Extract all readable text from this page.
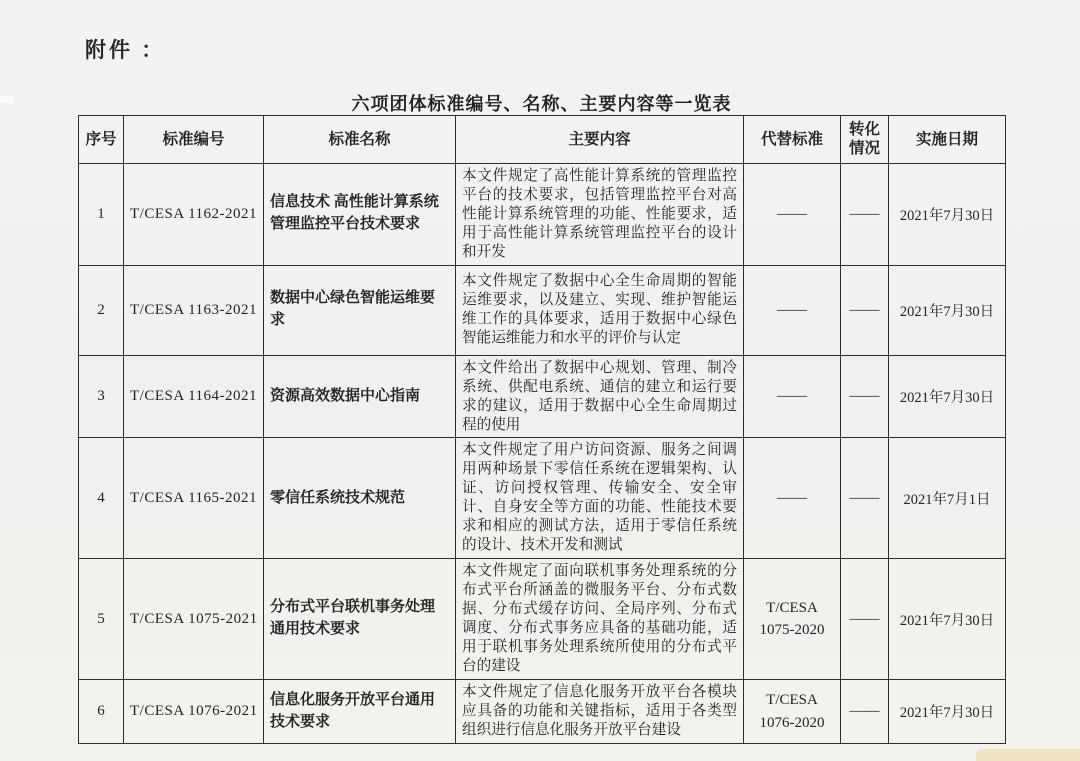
附件 ：
六项团体标准编号、名称、主要内容等一览表
序号	标准编号	标准名称	主要内容	代替标准	转化情况	实施日期
1	T/CESA 1162-2021	信息技术 高性能计算系统管理监控平台技术要求	本文件规定了高性能计算系统的管理监控平台的技术要求，包括管理监控平台对高性能计算系统管理的功能、性能要求，适用于高性能计算系统管理监控平台的设计和开发	——	——	2021年7月30日
2	T/CESA 1163-2021	数据中心绿色智能运维要求	本文件规定了数据中心全生命周期的智能运维要求，以及建立、实现、维护智能运维工作的具体要求，适用于数据中心绿色智能运维能力和水平的评价与认定	——	——	2021年7月30日
3	T/CESA 1164-2021	资源高效数据中心指南	本文件给出了数据中心规划、管理、制冷系统、供配电系统、通信的建立和运行要求的建议，适用于数据中心全生命周期过程的使用	——	——	2021年7月30日
4	T/CESA 1165-2021	零信任系统技术规范	本文件规定了用户访问资源、服务之间调用两种场景下零信任系统在逻辑架构、认证、访问授权管理、传输安全、安全审计、自身安全等方面的功能、性能技术要求和相应的测试方法，适用于零信任系统的设计、技术开发和测试	——	——	2021年7月1日
5	T/CESA 1075-2021	分布式平台联机事务处理通用技术要求	本文件规定了面向联机事务处理系统的分布式平台所涵盖的微服务平台、分布式数据、分布式缓存访问、全局序列、分布式调度、分布式事务应具备的基础功能，适用于联机事务处理系统所使用的分布式平台的建设	T/CESA 1075-2020	——	2021年7月30日
6	T/CESA 1076-2021	信息化服务开放平台通用技术要求	本文件规定了信息化服务开放平台各模块应具备的功能和关键指标，适用于各类型组织进行信息化服务开放平台建设	T/CESA 1076-2020	——	2021年7月30日
